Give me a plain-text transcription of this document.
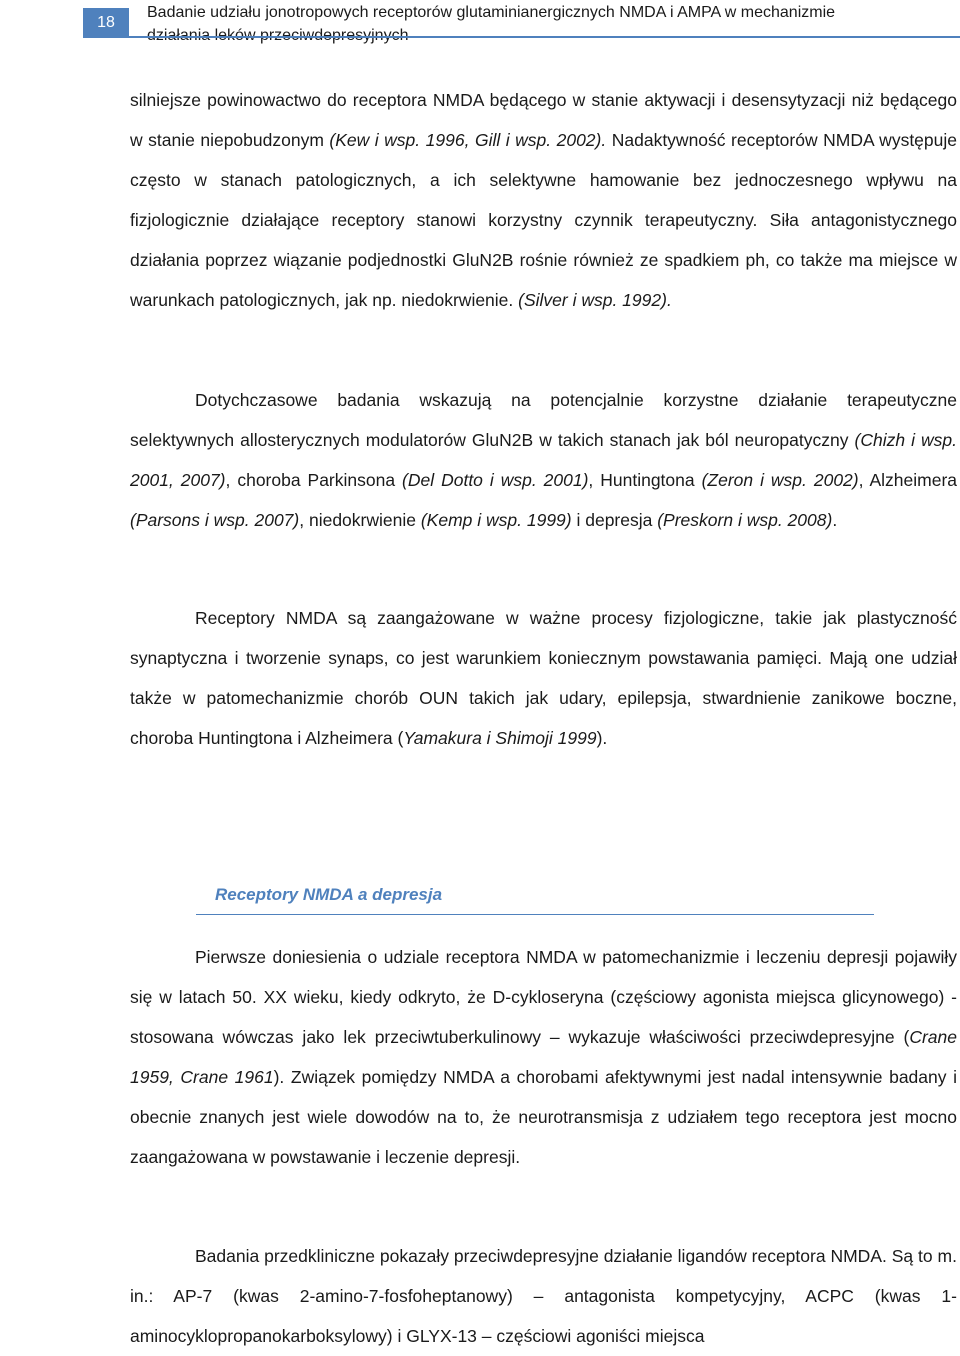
18
Badanie udziału jonotropowych receptorów glutaminianergicznych NMDA i AMPA w mechanizmie
silniejsze powinowactwo do receptora NMDA będącego w stanie aktywacji i desensytyzacji niż będącego w stanie niepobudzonym (Kew i wsp. 1996, Gill i wsp. 2002). Nadaktywność receptorów NMDA występuje często w stanach patologicznych, a ich selektywne hamowanie bez jednoczesnego wpływu na fizjologicznie działające receptory stanowi korzystny czynnik terapeutyczny. Siła antagonistycznego działania poprzez wiązanie podjednostki GluN2B rośnie również ze spadkiem ph, co także ma miejsce w warunkach patologicznych, jak np. niedokrwienie. (Silver i wsp. 1992).
Dotychczasowe badania wskazują na potencjalnie korzystne działanie terapeutyczne selektywnych allosterycznych modulatorów GluN2B w takich stanach jak ból neuropatyczny (Chizh i wsp. 2001, 2007), choroba Parkinsona (Del Dotto i wsp. 2001), Huntingtona (Zeron i wsp. 2002), Alzheimera (Parsons i wsp. 2007), niedokrwienie (Kemp i wsp. 1999) i depresja (Preskorn i wsp. 2008).
Receptory NMDA są zaangażowane w ważne procesy fizjologiczne, takie jak plastyczność synaptyczna i tworzenie synaps, co jest warunkiem koniecznym powstawania pamięci. Mają one udział także w patomechanizmie chorób OUN takich jak udary, epilepsja, stwardnienie zanikowe boczne, choroba Huntingtona i Alzheimera (Yamakura i Shimoji 1999).
Receptory NMDA a depresja
Pierwsze doniesienia o udziale receptora NMDA w patomechanizmie i leczeniu depresji pojawiły się w latach 50. XX wieku, kiedy odkryto, że D-cykloseryna (częściowy agonista miejsca glicynowego) - stosowana wówczas jako lek przeciwtuberkulinowy – wykazuje właściwości przeciwdepresyjne (Crane 1959, Crane 1961). Związek pomiędzy NMDA a chorobami afektywnymi jest nadal intensywnie badany i obecnie znanych jest wiele dowodów na to, że neurotransmisja z udziałem tego receptora jest mocno zaangażowana w powstawanie i leczenie depresji.
Badania przedkliniczne pokazały przeciwdepresyjne działanie ligandów receptora NMDA. Są to m. in.: AP-7 (kwas 2-amino-7-fosfoheptanowy) – antagonista kompetycyjny, ACPC (kwas 1-aminocyklopropanokarboksylowy) i GLYX-13 – częściowi agoniści miejsca
